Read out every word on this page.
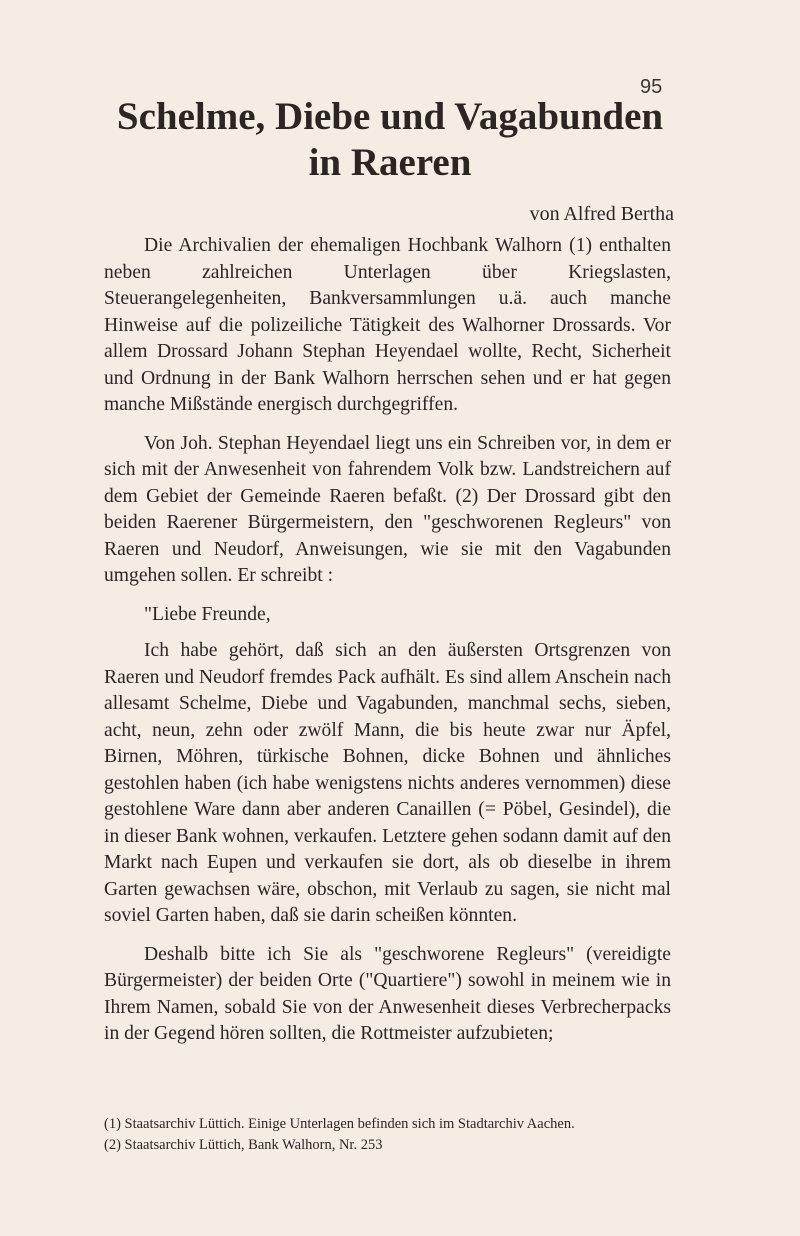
95
Schelme, Diebe und Vagabunden
in Raeren
von Alfred Bertha

Die Archivalien der ehemaligen Hochbank Walhorn (1) enthalten neben zahlreichen Unterlagen über Kriegslasten, Steuerangelegenheiten, Bankversammlungen u.ä. auch manche Hinweise auf die polizeiliche Tätigkeit des Walhorner Drossards. Vor allem Drossard Johann Stephan Heyendael wollte, Recht, Sicherheit und Ordnung in der Bank Walhorn herrschen sehen und er hat gegen manche Mißstände energisch durchgegriffen.

Von Joh. Stephan Heyendael liegt uns ein Schreiben vor, in dem er sich mit der Anwesenheit von fahrendem Volk bzw. Landstreichern auf dem Gebiet der Gemeinde Raeren befaßt. (2) Der Drossard gibt den beiden Raerener Bürgermeistern, den "geschworenen Regleurs" von Raeren und Neudorf, Anweisungen, wie sie mit den Vagabunden umgehen sollen. Er schreibt :

"Liebe Freunde,

Ich habe gehört, daß sich an den äußersten Ortsgrenzen von Raeren und Neudorf fremdes Pack aufhält. Es sind allem Anschein nach allesamt Schelme, Diebe und Vagabunden, manchmal sechs, sieben, acht, neun, zehn oder zwölf Mann, die bis heute zwar nur Äpfel, Birnen, Möhren, türkische Bohnen, dicke Bohnen und ähnliches gestohlen haben (ich habe wenigstens nichts anderes vernommen) diese gestohlene Ware dann aber anderen Canaillen (= Pöbel, Gesindel), die in dieser Bank wohnen, verkaufen. Letztere gehen sodann damit auf den Markt nach Eupen und verkaufen sie dort, als ob dieselbe in ihrem Garten gewachsen wäre, obschon, mit Verlaub zu sagen, sie nicht mal soviel Garten haben, daß sie darin scheißen könnten.

Deshalb bitte ich Sie als "geschworene Regleurs" (vereidigte Bürgermeister) der beiden Orte ("Quartiere") sowohl in meinem wie in Ihrem Namen, sobald Sie von der Anwesenheit dieses Verbrecherpacks in der Gegend hören sollten, die Rottmeister aufzubieten;

(1) Staatsarchiv Lüttich. Einige Unterlagen befinden sich im Stadtarchiv Aachen.
(2) Staatsarchiv Lüttich, Bank Walhorn, Nr. 253
